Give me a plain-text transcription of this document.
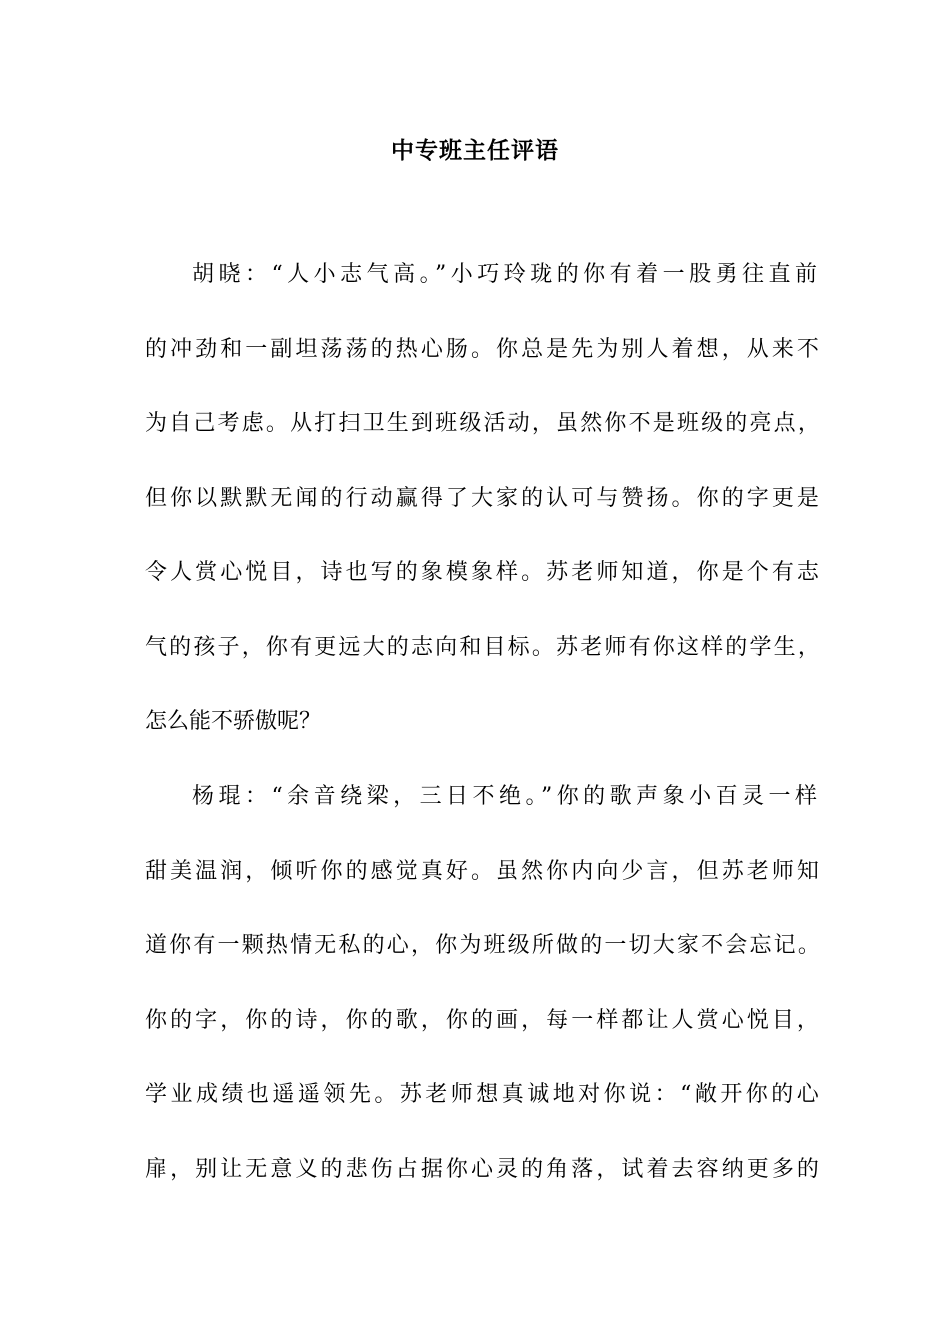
中专班主任评语
胡晓：“人小志气高。”小巧玲珑的你有着一股勇往直前
的冲劲和一副坦荡荡的热心肠。你总是先为别人着想，从来不
为自己考虑。从打扫卫生到班级活动，虽然你不是班级的亮点，
但你以默默无闻的行动赢得了大家的认可与赞扬。你的字更是
令人赏心悦目，诗也写的象模象样。苏老师知道，你是个有志
气的孩子，你有更远大的志向和目标。苏老师有你这样的学生，
怎么能不骄傲呢？
杨琨：“余音绕梁，三日不绝。”你的歌声象小百灵一样
甜美温润，倾听你的感觉真好。虽然你内向少言，但苏老师知
道你有一颗热情无私的心，你为班级所做的一切大家不会忘记。
你的字，你的诗，你的歌，你的画，每一样都让人赏心悦目，
学业成绩也遥遥领先。苏老师想真诚地对你说：“敞开你的心
扉，别让无意义的悲伤占据你心灵的角落，试着去容纳更多的
